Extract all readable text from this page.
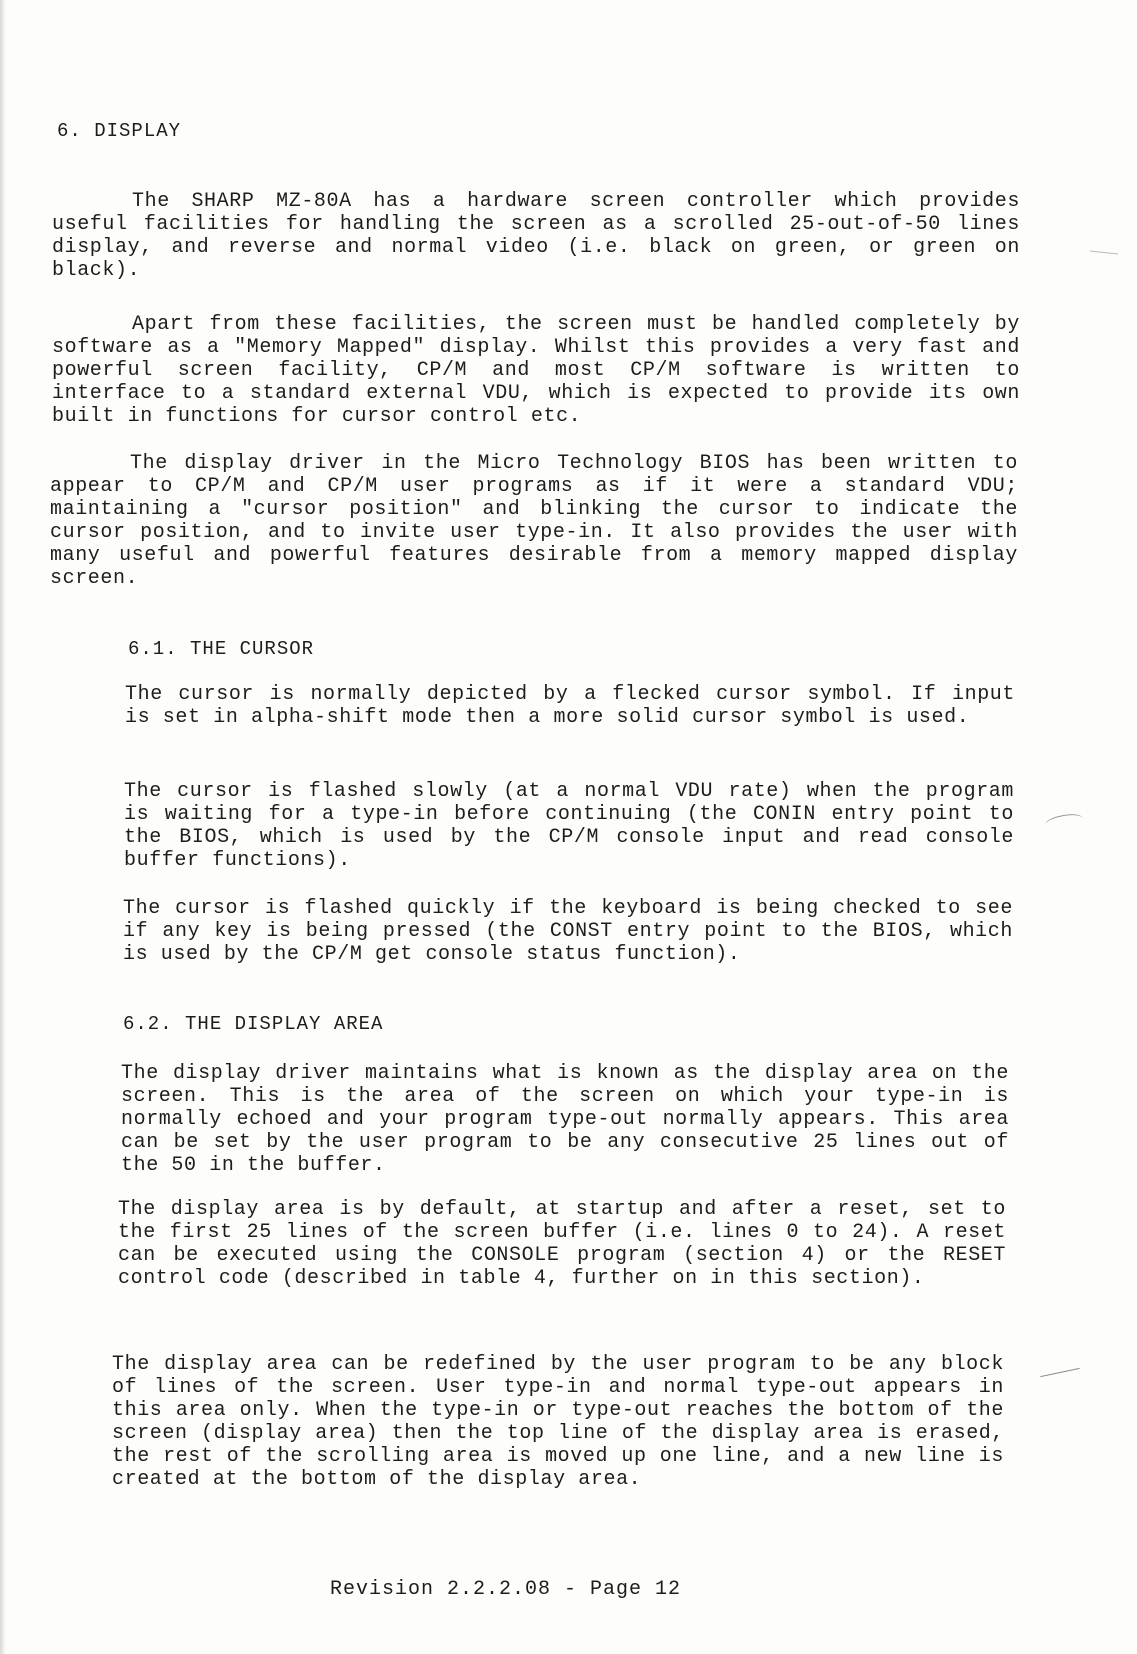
6. DISPLAY
The SHARP MZ-80A has a hardware screen controller which provides useful facilities for handling the screen as a scrolled 25-out-of-50 lines display, and reverse and normal video (i.e. black on green, or green on black).
Apart from these facilities, the screen must be handled completely by software as a "Memory Mapped" display. Whilst this provides a very fast and powerful screen facility, CP/M and most CP/M software is written to interface to a standard external VDU, which is expected to provide its own built in functions for cursor control etc.
The display driver in the Micro Technology BIOS has been written to appear to CP/M and CP/M user programs as if it were a standard VDU; maintaining a "cursor position" and blinking the cursor to indicate the cursor position, and to invite user type-in. It also provides the user with many useful and powerful features desirable from a memory mapped display screen.
6.1. THE CURSOR
The cursor is normally depicted by a flecked cursor symbol. If input is set in alpha-shift mode then a more solid cursor symbol is used.
The cursor is flashed slowly (at a normal VDU rate) when the program is waiting for a type-in before continuing (the CONIN entry point to the BIOS, which is used by the CP/M console input and read console buffer functions).
The cursor is flashed quickly if the keyboard is being checked to see if any key is being pressed (the CONST entry point to the BIOS, which is used by the CP/M get console status function).
6.2. THE DISPLAY AREA
The display driver maintains what is known as the display area on the screen. This is the area of the screen on which your type-in is normally echoed and your program type-out normally appears. This area can be set by the user program to be any consecutive 25 lines out of the 50 in the buffer.
The display area is by default, at startup and after a reset, set to the first 25 lines of the screen buffer (i.e. lines 0 to 24). A reset can be executed using the CONSOLE program (section 4) or the RESET control code (described in table 4, further on in this section).
The display area can be redefined by the user program to be any block of lines of the screen. User type-in and normal type-out appears in this area only. When the type-in or type-out reaches the bottom of the screen (display area) then the top line of the display area is erased, the rest of the scrolling area is moved up one line, and a new line is created at the bottom of the display area.
Revision 2.2.2.08 - Page 12
